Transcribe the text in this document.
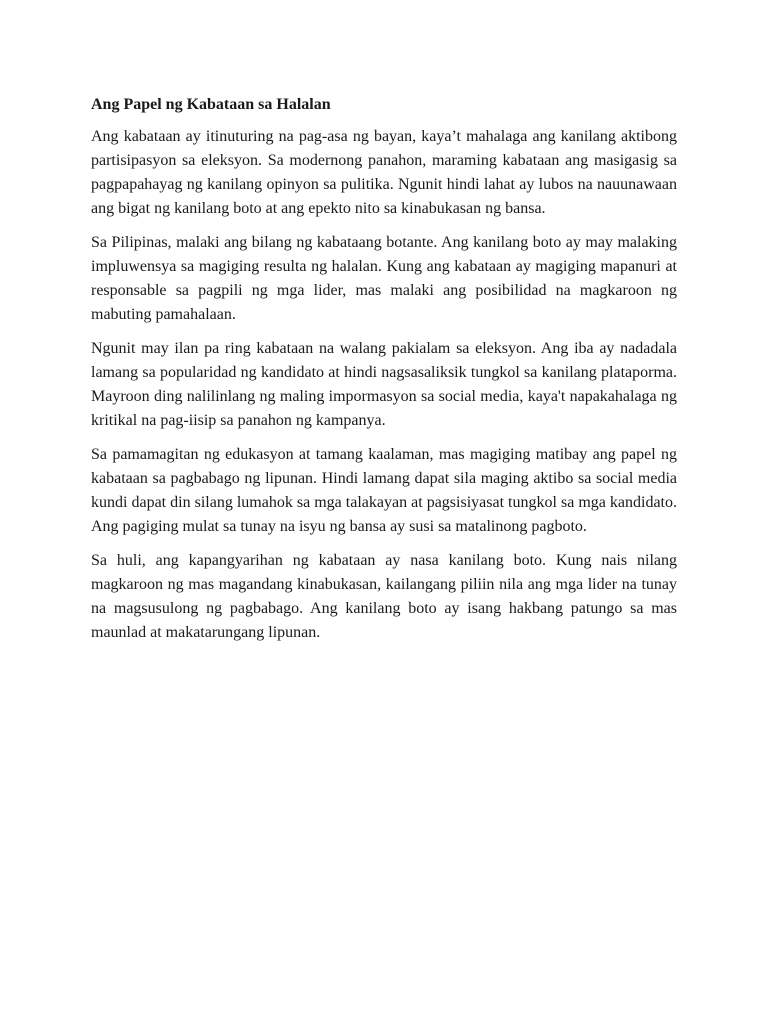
Ang Papel ng Kabataan sa Halalan

Ang kabataan ay itinuturing na pag-asa ng bayan, kaya’t mahalaga ang kanilang aktibong partisipasyon sa eleksyon. Sa modernong panahon, maraming kabataan ang masigasig sa pagpapahayag ng kanilang opinyon sa pulitika. Ngunit hindi lahat ay lubos na nauunawaan ang bigat ng kanilang boto at ang epekto nito sa kinabukasan ng bansa.

Sa Pilipinas, malaki ang bilang ng kabataang botante. Ang kanilang boto ay may malaking impluwensya sa magiging resulta ng halalan. Kung ang kabataan ay magiging mapanuri at responsable sa pagpili ng mga lider, mas malaki ang posibilidad na magkaroon ng mabuting pamahalaan.

Ngunit may ilan pa ring kabataan na walang pakialam sa eleksyon. Ang iba ay nadadala lamang sa popularidad ng kandidato at hindi nagsasaliksik tungkol sa kanilang plataporma. Mayroon ding nalilinlang ng maling impormasyon sa social media, kaya't napakahalaga ng kritikal na pag-iisip sa panahon ng kampanya.

Sa pamamagitan ng edukasyon at tamang kaalaman, mas magiging matibay ang papel ng kabataan sa pagbabago ng lipunan. Hindi lamang dapat sila maging aktibo sa social media kundi dapat din silang lumahok sa mga talakayan at pagsisiyasat tungkol sa mga kandidato. Ang pagiging mulat sa tunay na isyu ng bansa ay susi sa matalinong pagboto.

Sa huli, ang kapangyarihan ng kabataan ay nasa kanilang boto. Kung nais nilang magkaroon ng mas magandang kinabukasan, kailangang piliin nila ang mga lider na tunay na magsusulong ng pagbabago. Ang kanilang boto ay isang hakbang patungo sa mas maunlad at makatarungang lipunan.
